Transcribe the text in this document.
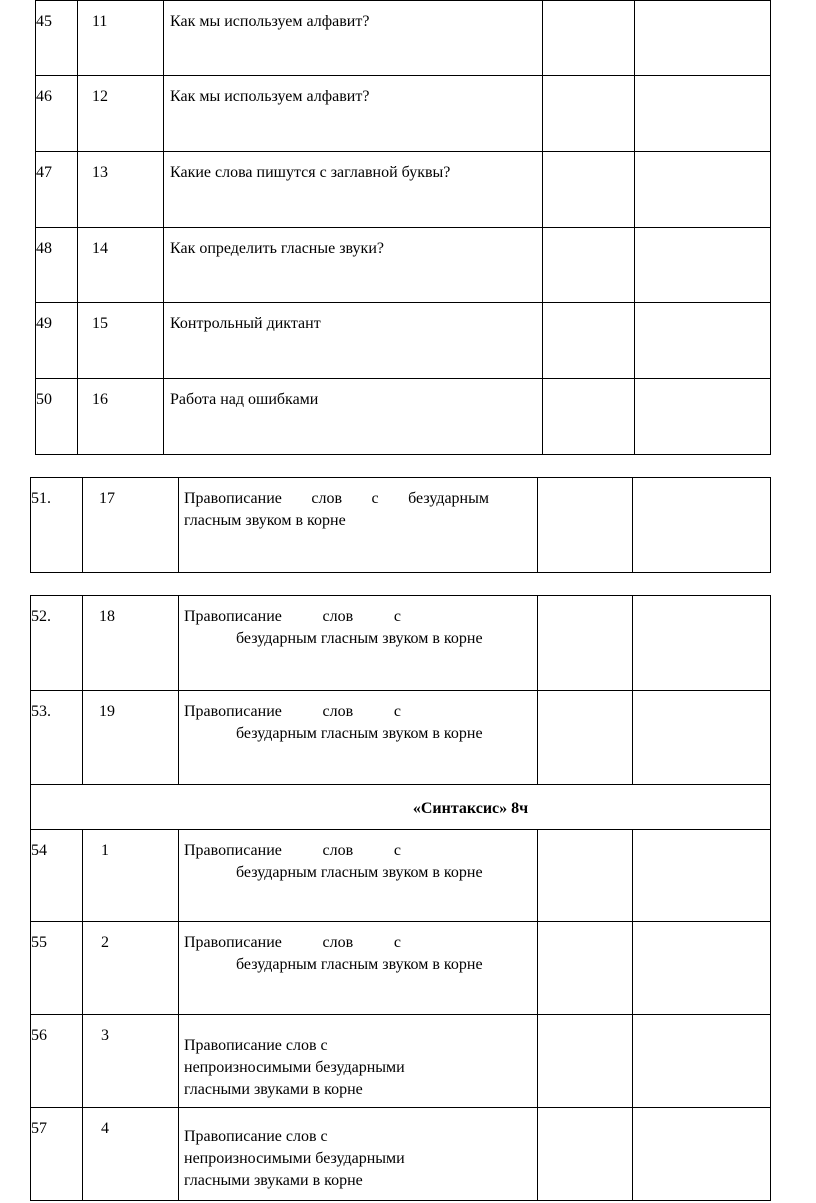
45	11	Как мы используем алфавит?		
46	12	Как мы используем алфавит?		
47	13	Какие слова пишутся с заглавной буквы?		
48	14	Как определить гласные звуки?		
49	15	Контрольный диктант		
50	16	Работа над ошибками		
51.	17	Правописание слов с безударным
гласным звуком в корне

52.	18	Правописание слов с
безударным гласным звуком в корне		

53.	19	Правописание слов с
безударным гласным звуком в корне		

«Синтаксис» 8ч				
54	1	Правописание слов с
безударным гласным звуком в корне		

55	2	Правописание слов с
безударным гласным звуком в корне		

56	3	Правописание слов с
непроизносимыми безударными
гласными звуками в корне		

57	4	Правописание слов с
непроизносимыми безударными
гласными звуками в корне		
